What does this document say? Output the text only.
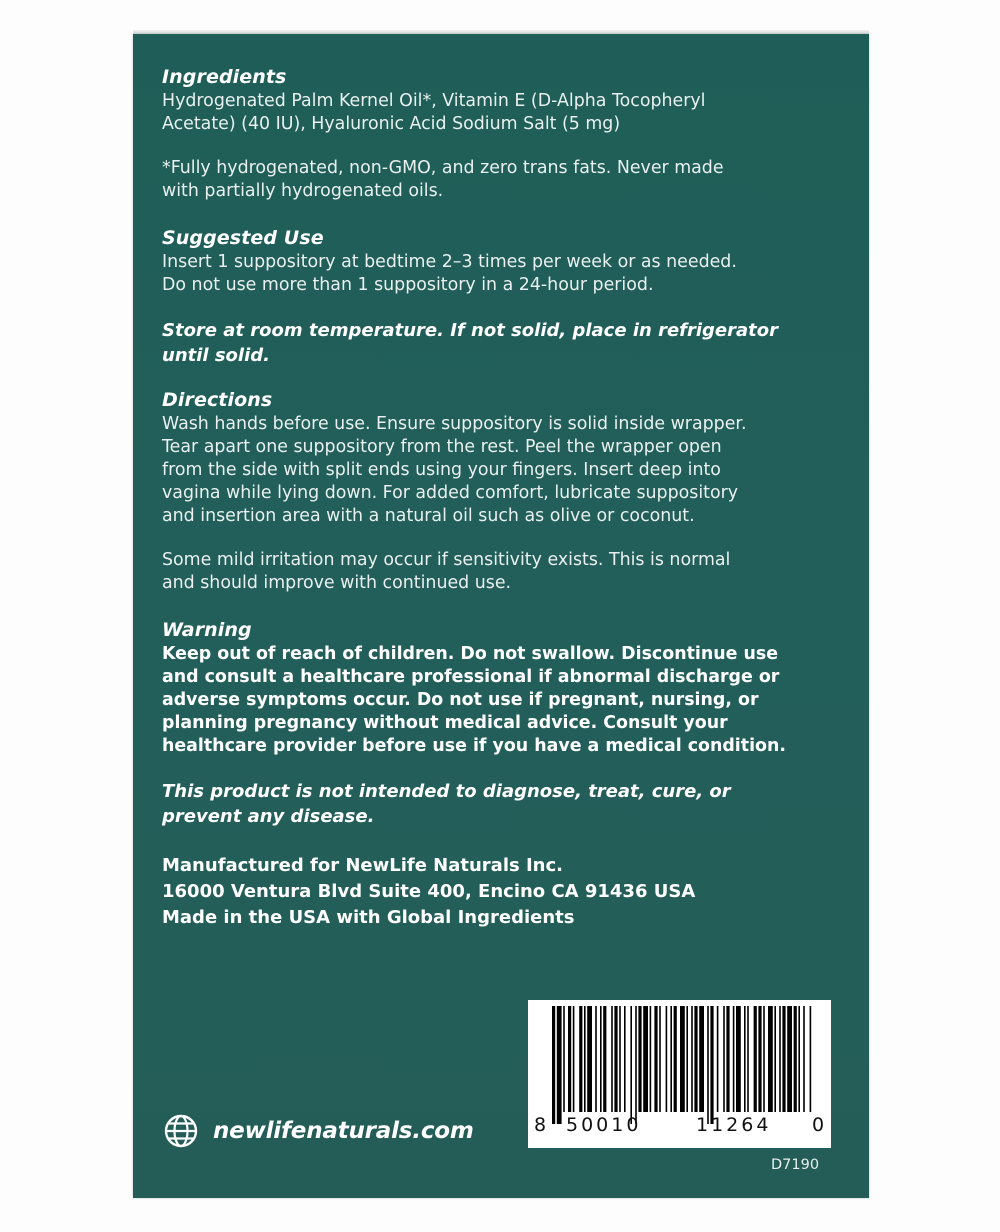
Ingredients

Hydrogenated Palm Kernel Oil*, Vitamin E (D-Alpha Tocopheryl

Acetate) (40 IU), Hyaluronic Acid Sodium Salt (5 mg)

*Fully hydrogenated, non-GMO, and zero trans fats. Never made

with partially hydrogenated oils.

Suggested Use

Insert 1 suppository at bedtime 2–3 times per week or as needed.

Do not use more than 1 suppository in a 24-hour period.

Store at room temperature. If not solid, place in refrigerator

until solid.

Directions

Wash hands before use. Ensure suppository is solid inside wrapper.

Tear apart one suppository from the rest. Peel the wrapper open

from the side with split ends using your fingers. Insert deep into

vagina while lying down. For added comfort, lubricate suppository

and insertion area with a natural oil such as olive or coconut.

Some mild irritation may occur if sensitivity exists. This is normal

and should improve with continued use.

Warning

Keep out of reach of children. Do not swallow. Discontinue use

and consult a healthcare professional if abnormal discharge or

adverse symptoms occur. Do not use if pregnant, nursing, or

planning pregnancy without medical advice. Consult your

healthcare provider before use if you have a medical condition.

This product is not intended to diagnose, treat, cure, or

prevent any disease.

Manufactured for NewLife Naturals Inc.

16000 Ventura Blvd Suite 400, Encino CA 91436 USA

Made in the USA with Global Ingredients

8 50010	11264 0
newlifenaturals.com
D7190
